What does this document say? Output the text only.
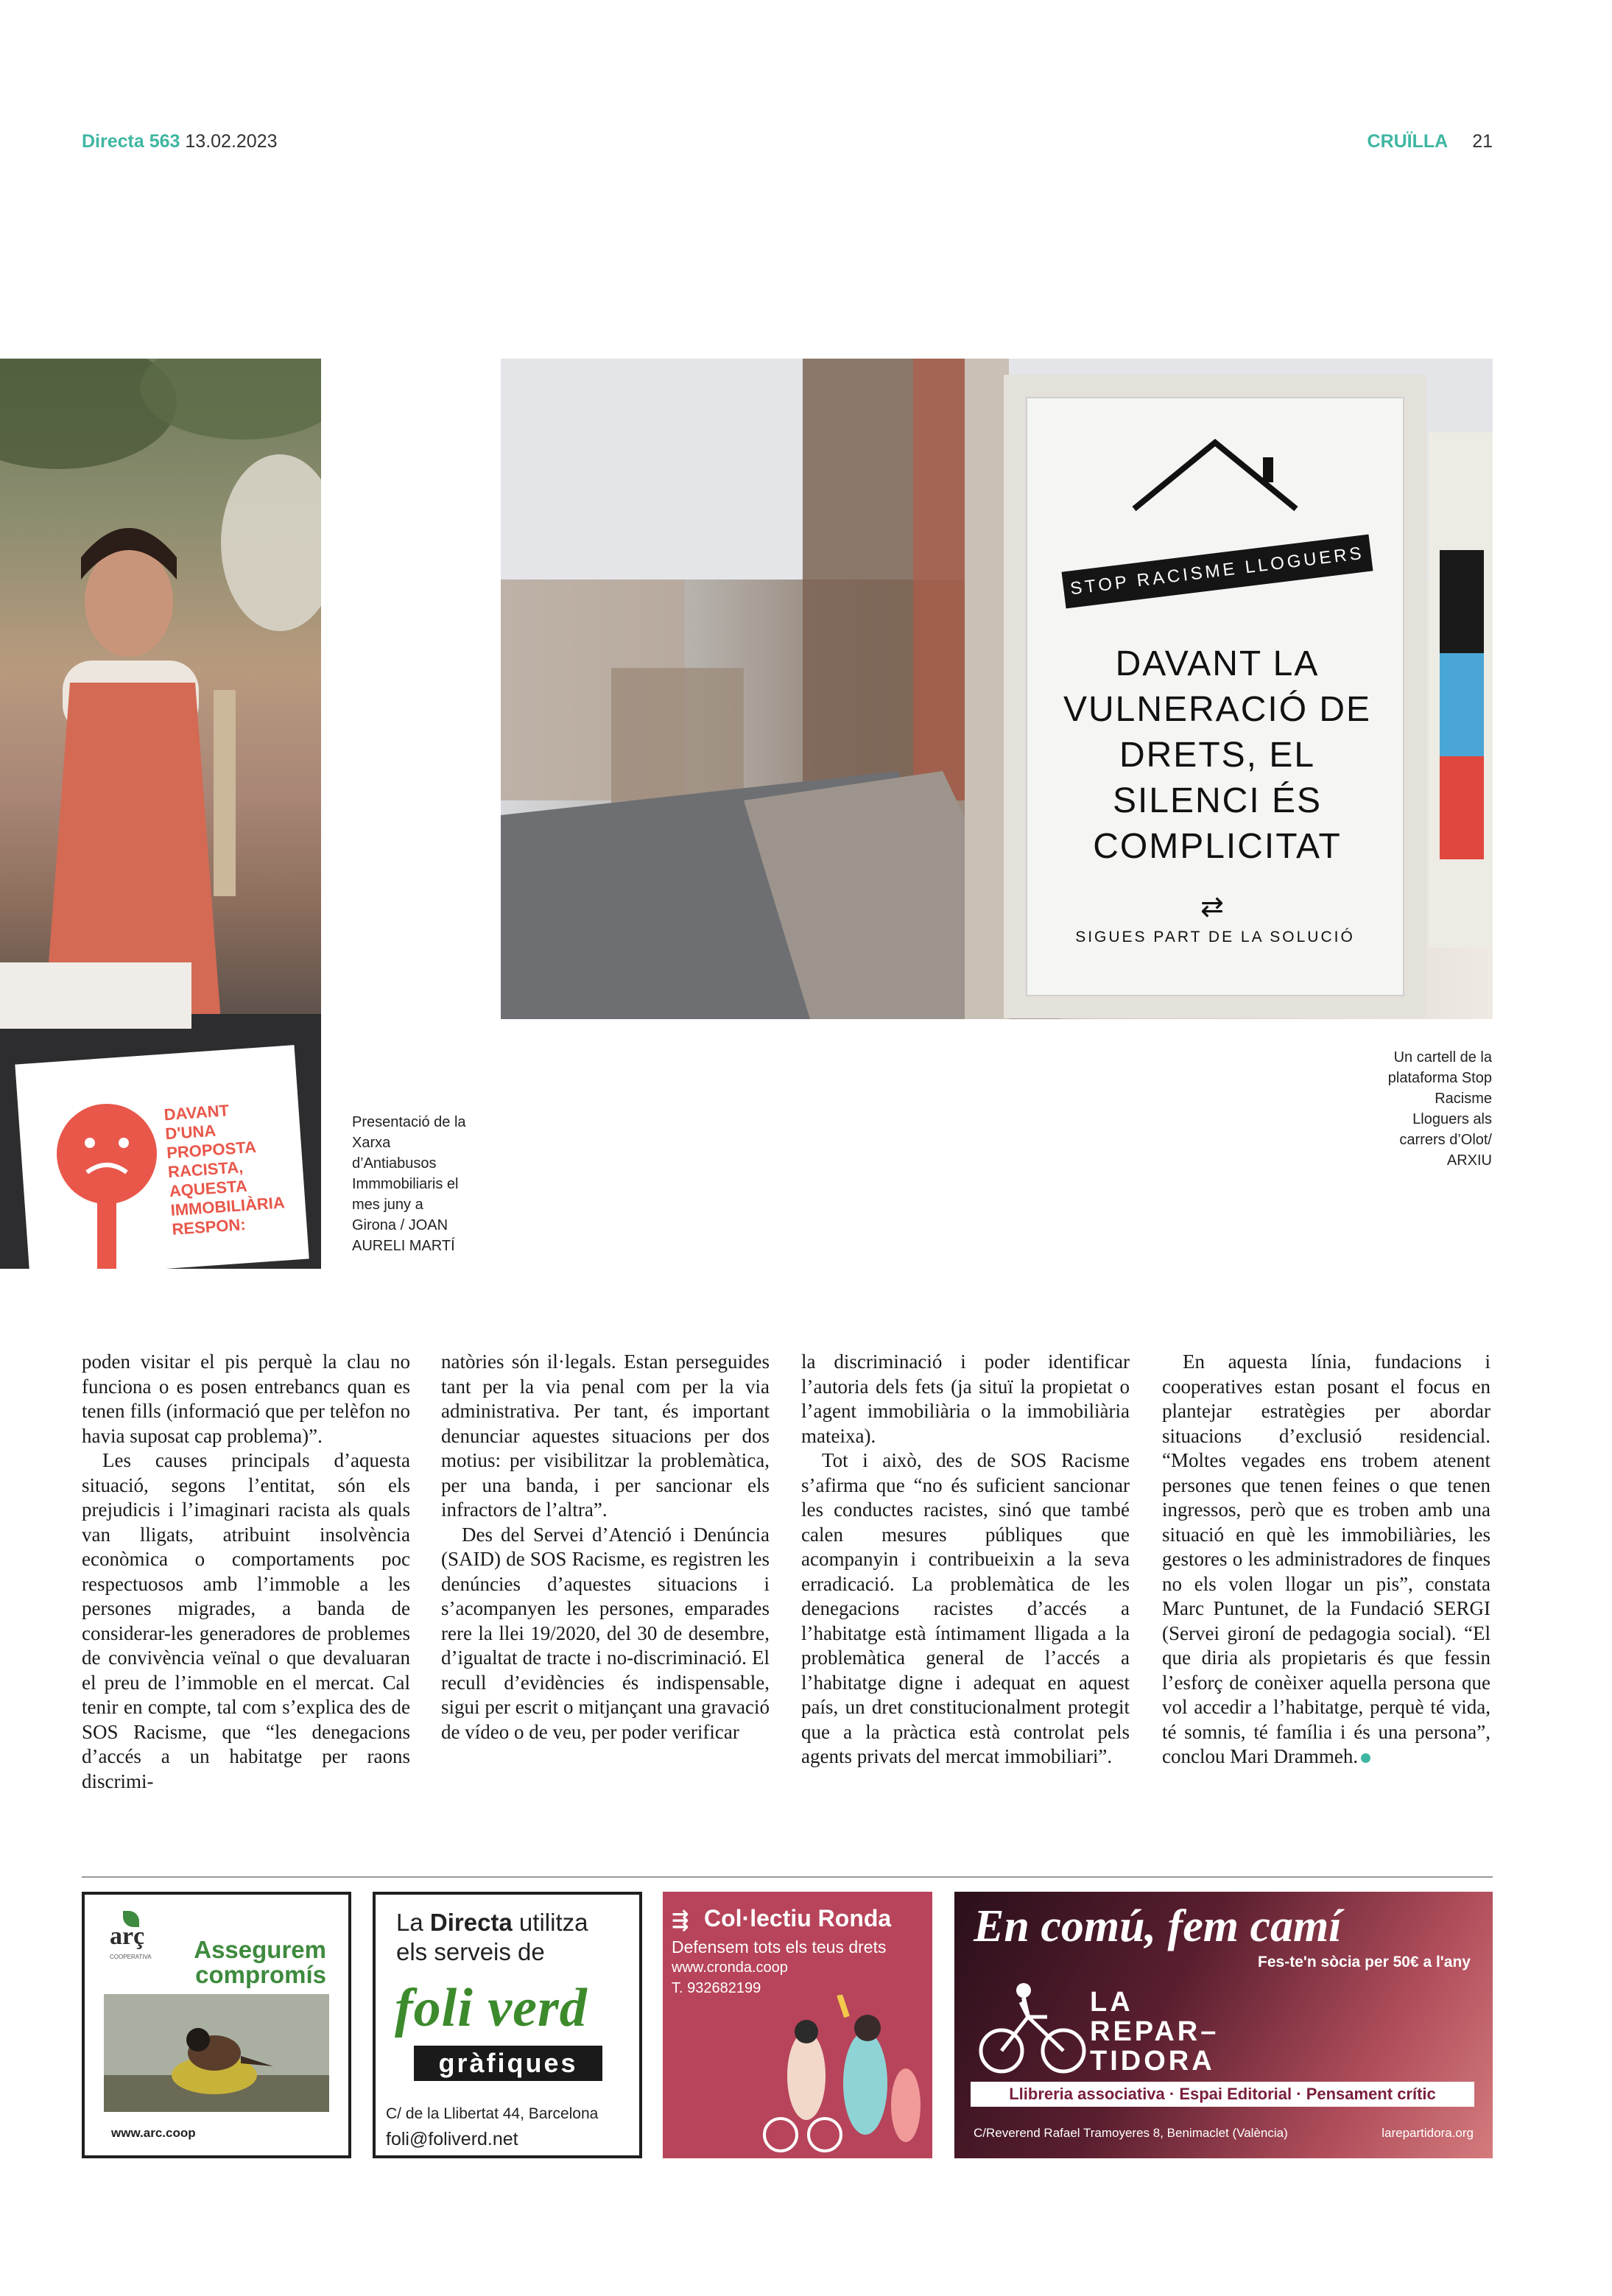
Directa 563 13.02.2023	CRUÏLLA 21
DAVANT D'UNA PROPOSTA RACISTA, AQUESTA IMMOBILIÀRIA RESPON:
Presentació de la Xarxa d’Antiabusos Immmobiliaris el mes juny a Girona / JOAN AURELI MARTÍ
STOP RACISME LLOGUERS
DAVANT LA VULNERACIÓ DE DRETS, EL SILENCI ÉS COMPLICITAT
⇄
SIGUES PART DE LA SOLUCIÓ
Un cartell de la plataforma Stop Racisme Lloguers als carrers d’Olot/ ARXIU

poden visitar el pis perquè la clau no funciona o es posen entrebancs quan es tenen fills (informació que per telèfon no havia suposat cap problema)”.

Les causes principals d’aquesta situació, segons l’entitat, són els prejudicis i l’imaginari racista als quals van lligats, atribuint insolvència econòmica o comportaments poc respectuosos amb l’immoble a les persones migrades, a banda de considerar-les generadores de problemes de convivència veïnal o que devaluaran el preu de l’immoble en el mercat. Cal tenir en compte, tal com s’explica des de SOS Racisme, que “les denegacions d’accés a un habitatge per raons discrimi-

natòries són il·legals. Estan perseguides tant per la via penal com per la via administrativa. Per tant, és important denunciar aquestes situacions per dos motius: per visibilitzar la problemàtica, per una banda, i per sancionar els infractors de l’altra”.

Des del Servei d’Atenció i Denúncia (SAID) de SOS Racisme, es registren les denúncies d’aquestes situacions i s’acompanyen les persones, emparades rere la llei 19/2020, del 30 de desembre, d’igualtat de tracte i no-discriminació. El recull d’evidències és indispensable, sigui per escrit o mitjançant una gravació de vídeo o de veu, per poder verificar

la discriminació i poder identificar l’autoria dels fets (ja situï la propietat o l’agent immobiliària o la immobiliària mateixa).

Tot i això, des de SOS Racisme s’afirma que “no és suficient sancionar les conductes racistes, sinó que també calen mesures públiques que acompanyin i contribueixin a la seva erradicació. La problemàtica de les denegacions racistes d’accés a l’habitatge està íntimament lligada a la problemàtica general de l’accés a l’habitatge digne i adequat en aquest país, un dret constitucionalment protegit que a la pràctica està controlat pels agents privats del mercat immobiliari”.

En aquesta línia, fundacions i cooperatives estan posant el focus en plantejar estratègies per abordar situacions d’exclusió residencial. “Moltes vegades ens trobem atenent persones que tenen feines o que tenen ingressos, però que es troben amb una situació en què les immobiliàries, les gestores o les administradores de finques no els volen llogar un pis”, constata Marc Puntunet, de la Fundació SERGI (Servei gironí de pedagogia social). “El que diria als propietaris és que fessin l’esforç de conèixer aquella persona que vol accedir a l’habitatge, perquè té vida, té somnis, té família i és una persona”, conclou Mari Drammeh.

arç
COOPERATIVA Assegurem
compromís
www.arc.coop
La Directa utilitza
els serveis de
foli verd
gràfiques
C/ de la Llibertat 44, Barcelona
foli@foliverd.net
⇶ Col·lectiu Ronda
Defensem tots els teus drets
www.cronda.coop
T. 932682199
En comú, fem camí
Fes-te'n sòcia per 50€ a l'any
LA
REPAR–
TIDORA
Llibreria associativa · Espai Editorial · Pensament crític
C/Reverend Rafael Tramoyeres 8, Benimaclet (València)	larepartidora.org
